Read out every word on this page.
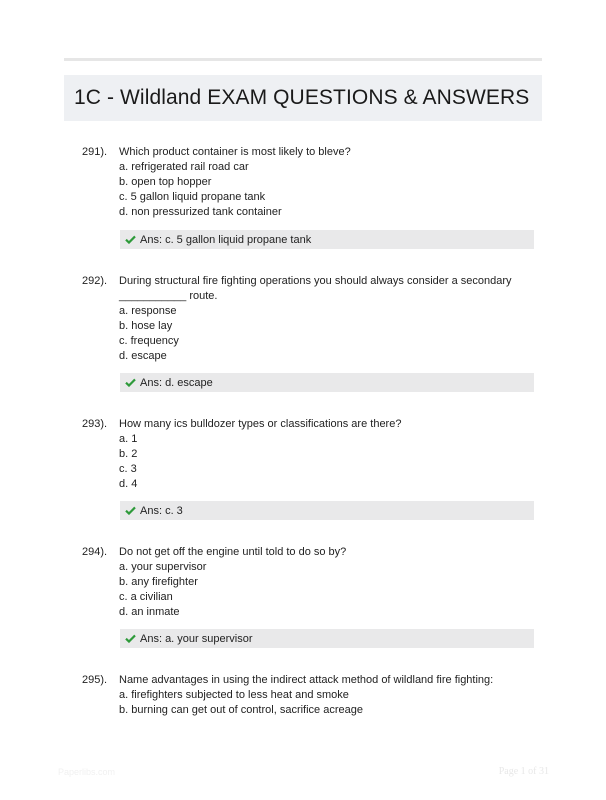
1C - Wildland EXAM QUESTIONS & ANSWERS
291). Which product container is most likely to bleve?

a. refrigerated rail road car
b. open top hopper
c. 5 gallon liquid propane tank
d. non pressurized tank container
Ans: c. 5 gallon liquid propane tank
292). During structural fire fighting operations you should always consider a secondary

___________ route.

a. response
b. hose lay
c. frequency
d. escape
Ans: d. escape
293). How many ics bulldozer types or classifications are there?

a. 1
b. 2
c. 3
d. 4
Ans: c. 3
294). Do not get off the engine until told to do so by?

a. your supervisor
b. any firefighter
c. a civilian
d. an inmate
Ans: a. your supervisor
295). Name advantages in using the indirect attack method of wildland fire fighting:

a. firefighters subjected to less heat and smoke
b. burning can get out of control, sacrifice acreage
Paperlibs.com	Page 1 of 31
